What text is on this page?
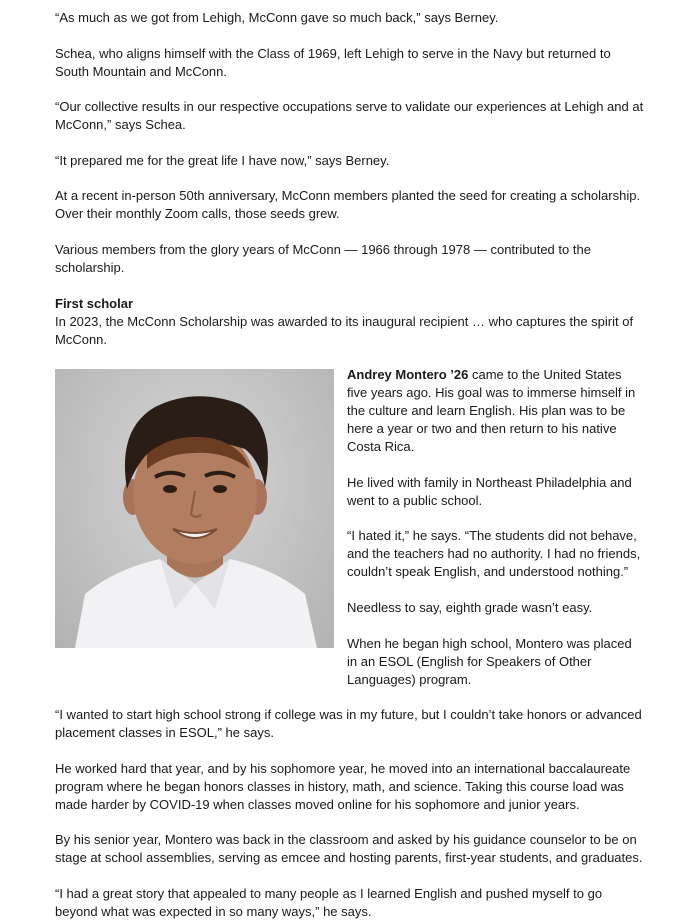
“As much as we got from Lehigh, McConn gave so much back,” says Berney.

Schea, who aligns himself with the Class of 1969, left Lehigh to serve in the Navy but returned to South Mountain and McConn.

“Our collective results in our respective occupations serve to validate our experiences at Lehigh and at McConn,” says Schea.

“It prepared me for the great life I have now,” says Berney.

At a recent in-person 50th anniversary, McConn members planted the seed for creating a scholarship. Over their monthly Zoom calls, those seeds grew.

Various members from the glory years of McConn — 1966 through 1978 — contributed to the scholarship.

First scholar

In 2023, the McConn Scholarship was awarded to its inaugural recipient … who captures the spirit of McConn.

Andrey Montero ’26 came to the United States five years ago. His goal was to immerse himself in the culture and learn English. His plan was to be here a year or two and then return to his native Costa Rica.

He lived with family in Northeast Philadelphia and went to a public school.

“I hated it,” he says. “The students did not behave, and the teachers had no authority. I had no friends, couldn’t speak English, and understood nothing.”

Needless to say, eighth grade wasn’t easy.

When he began high school, Montero was placed in an ESOL (English for Speakers of Other Languages) program.

“I wanted to start high school strong if college was in my future, but I couldn’t take honors or advanced placement classes in ESOL,” he says.

He worked hard that year, and by his sophomore year, he moved into an international baccalaureate program where he began honors classes in history, math, and science. Taking this course load was made harder by COVID-19 when classes moved online for his sophomore and junior years.

By his senior year, Montero was back in the classroom and asked by his guidance counselor to be on stage at school assemblies, serving as emcee and hosting parents, first-year students, and graduates.

“I had a great story that appealed to many people as I learned English and pushed myself to go beyond what was expected in so many ways,” he says.
